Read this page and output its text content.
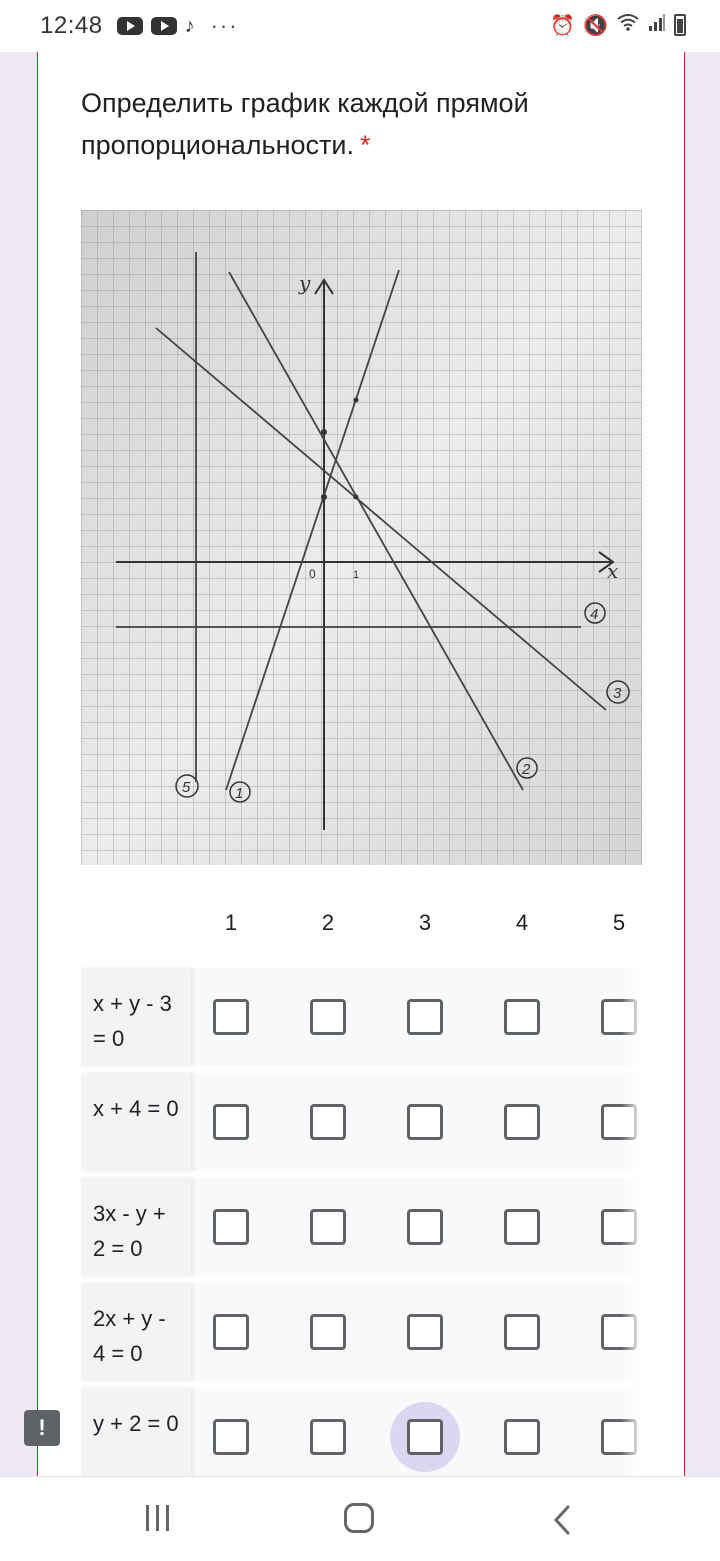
12:48	♪ ···	⏰ 🔇
Определить график каждой прямой пропорциональности. *
y
x
0	1
1
2
3
4
5
1	2	3	4	5
x + y - 3 = 0
x + 4 = 0
3x - y + 2 = 0
2x + y - 4 = 0
y + 2 = 0
!
